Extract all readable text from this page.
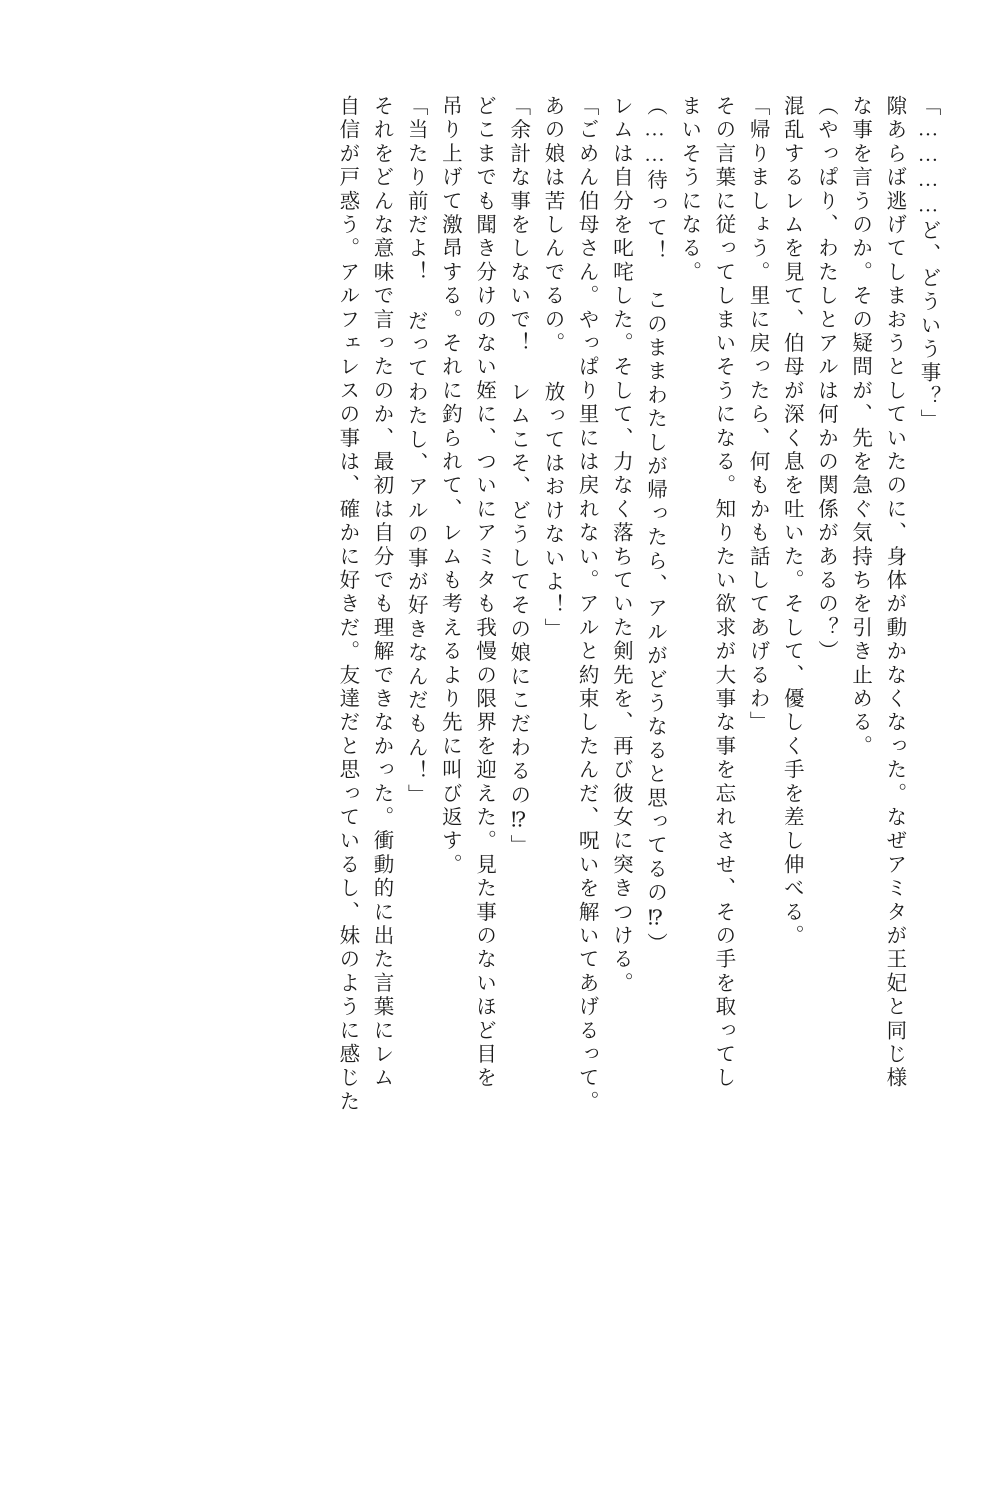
「…………ど、どういう事？」
隙あらば逃げてしまおうとしていたのに、身体が動かなくなった。なぜアミタが王妃と同じ様
な事を言うのか。その疑問が、先を急ぐ気持ちを引き止める。
（やっぱり、わたしとアルは何かの関係があるの？）
混乱するレムを見て、伯母が深く息を吐いた。そして、優しく手を差し伸べる。
「帰りましょう。里に戻ったら、何もかも話してあげるわ」
その言葉に従ってしまいそうになる。知りたい欲求が大事な事を忘れさせ、その手を取ってし
まいそうになる。
（……待って！ このままわたしが帰ったら、アルがどうなると思ってるの⁉）
レムは自分を叱咤した。そして、力なく落ちていた剣先を、再び彼女に突きつける。
「ごめん伯母さん。やっぱり里には戻れない。アルと約束したんだ、呪いを解いてあげるって。
あの娘は苦しんでるの。 放ってはおけないよ！」
「余計な事をしないで！ レムこそ、どうしてその娘にこだわるの⁉」
どこまでも聞き分けのない姪に、ついにアミタも我慢の限界を迎えた。見た事のないほど目を
吊り上げて激昂する。それに釣られて、レムも考えるより先に叫び返す。
「当たり前だよ！ だってわたし、アルの事が好きなんだもん！」
それをどんな意味で言ったのか、最初は自分でも理解できなかった。衝動的に出た言葉にレム
自信が戸惑う。アルフェレスの事は、確かに好きだ。友達だと思っているし、妹のように感じた
